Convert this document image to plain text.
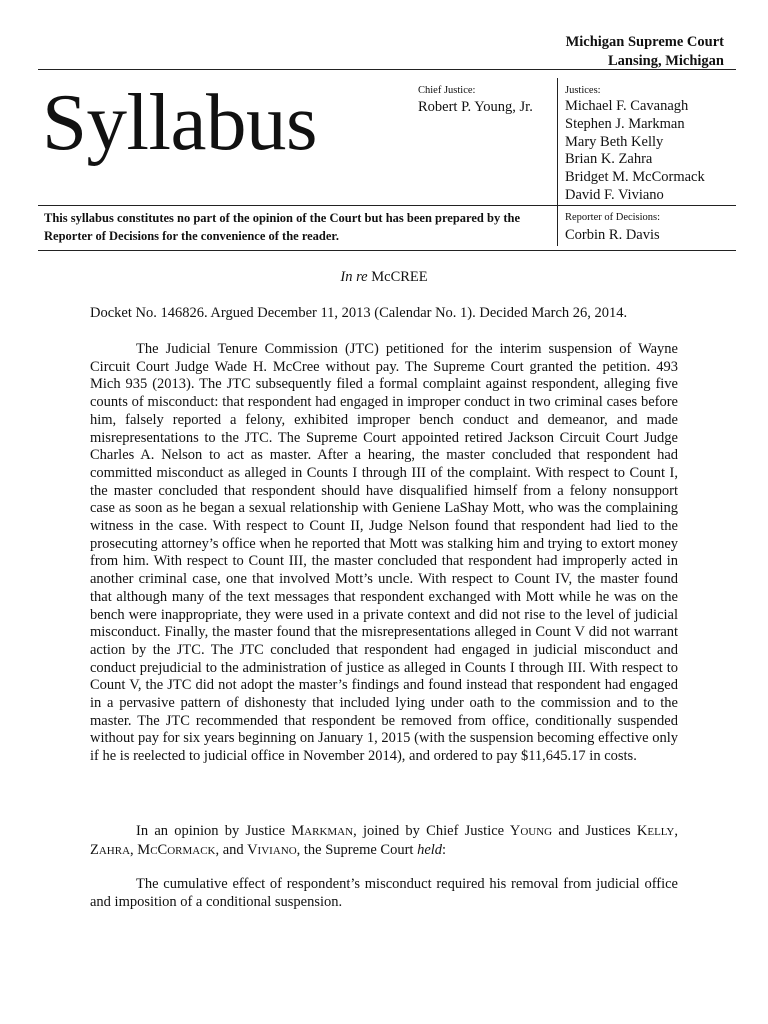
Michigan Supreme Court
Lansing, Michigan
Syllabus	Chief Justice:
Robert P. Young, Jr.
Justices:
Michael F. Cavanagh
Stephen J. Markman
Mary Beth Kelly
Brian K. Zahra
Bridget M. McCormack
David F. Viviano
This syllabus constitutes no part of the opinion of the Court but has been prepared by the Reporter of Decisions for the convenience of the reader.
Reporter of Decisions:
Corbin R. Davis
In re McCREE
Docket No. 146826. Argued December 11, 2013 (Calendar No. 1). Decided March 26, 2014.

The Judicial Tenure Commission (JTC) petitioned for the interim suspension of Wayne Circuit Court Judge Wade H. McCree without pay. The Supreme Court granted the petition. 493 Mich 935 (2013). The JTC subsequently filed a formal complaint against respondent, alleging five counts of misconduct: that respondent had engaged in improper conduct in two criminal cases before him, falsely reported a felony, exhibited improper bench conduct and demeanor, and made misrepresentations to the JTC. The Supreme Court appointed retired Jackson Circuit Court Judge Charles A. Nelson to act as master. After a hearing, the master concluded that respondent had committed misconduct as alleged in Counts I through III of the complaint. With respect to Count I, the master concluded that respondent should have disqualified himself from a felony nonsupport case as soon as he began a sexual relationship with Geniene LaShay Mott, who was the complaining witness in the case. With respect to Count II, Judge Nelson found that respondent had lied to the prosecuting attorney’s office when he reported that Mott was stalking him and trying to extort money from him. With respect to Count III, the master concluded that respondent had improperly acted in another criminal case, one that involved Mott’s uncle. With respect to Count IV, the master found that although many of the text messages that respondent exchanged with Mott while he was on the bench were inappropriate, they were used in a private context and did not rise to the level of judicial misconduct. Finally, the master found that the misrepresentations alleged in Count V did not warrant action by the JTC. The JTC concluded that respondent had engaged in judicial misconduct and conduct prejudicial to the administration of justice as alleged in Counts I through III. With respect to Count V, the JTC did not adopt the master’s findings and found instead that respondent had engaged in a pervasive pattern of dishonesty that included lying under oath to the commission and to the master. The JTC recommended that respondent be removed from office, conditionally suspended without pay for six years beginning on January 1, 2015 (with the suspension becoming effective only if he is reelected to judicial office in November 2014), and ordered to pay $11,645.17 in costs.

In an opinion by Justice MARKMAN, joined by Chief Justice YOUNG and Justices KELLY, ZAHRA, MCCORMACK, and VIVIANO, the Supreme Court held:

The cumulative effect of respondent’s misconduct required his removal from judicial office and imposition of a conditional suspension.
